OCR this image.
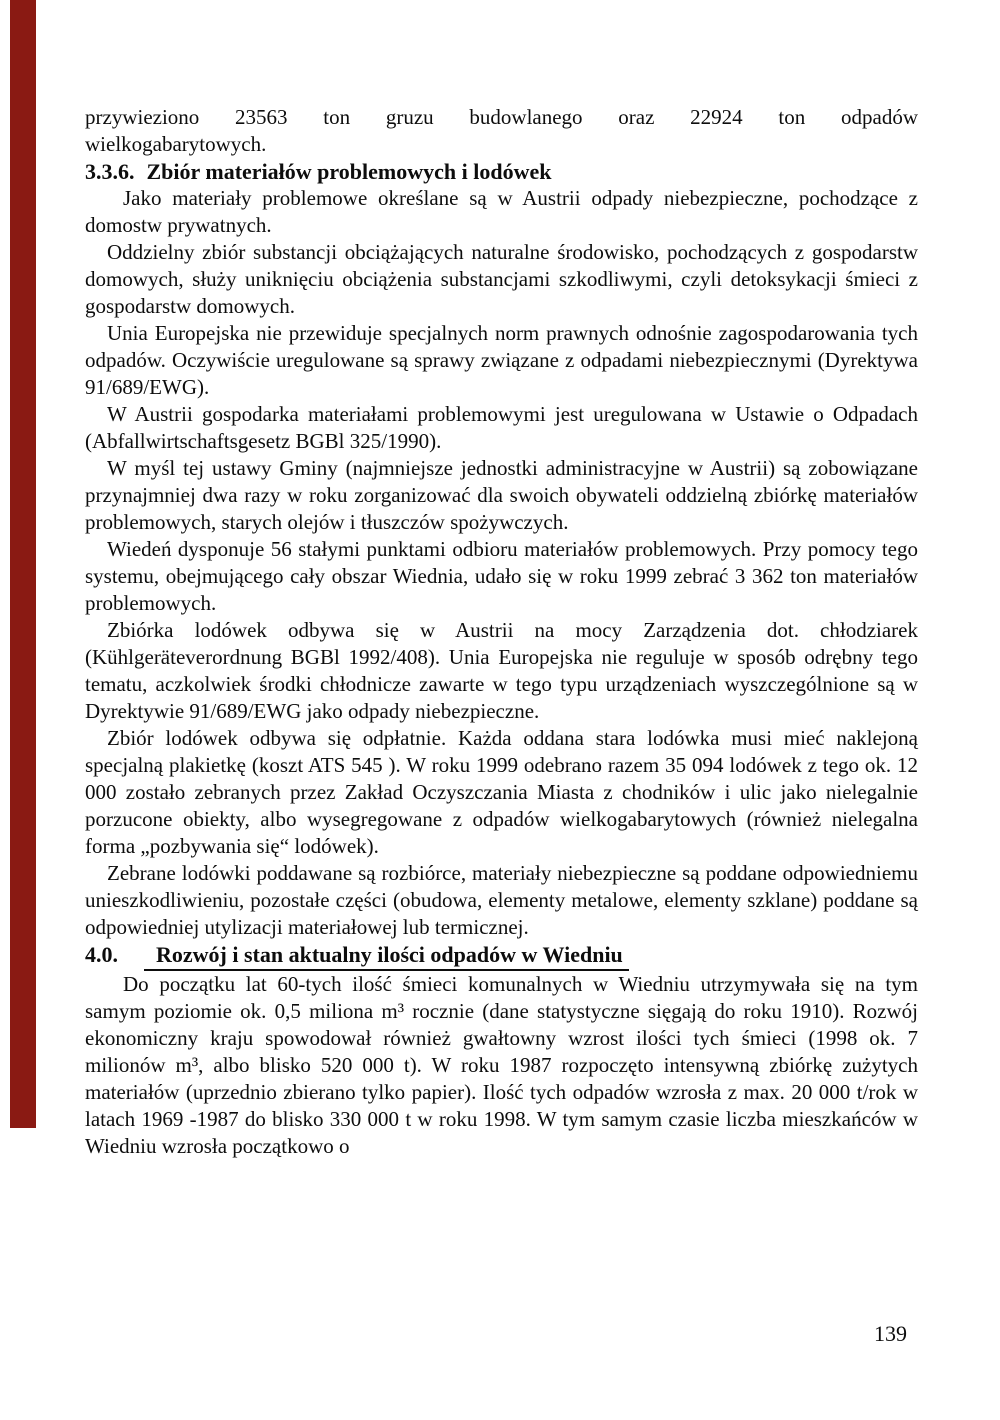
przywieziono 23563 ton gruzu budowlanego oraz 22924 ton odpadów
wielkogabarytowych.

3.3.6. Zbiór materiałów problemowych i lodówek

Jako materiały problemowe określane są w Austrii odpady niebezpieczne, pochodzące z domostw prywatnych.

Oddzielny zbiór substancji obciążających naturalne środowisko, pochodzących z gospodarstw domowych, służy uniknięciu obciążenia substancjami szkodliwymi, czyli detoksykacji śmieci z gospodarstw domowych.

Unia Europejska nie przewiduje specjalnych norm prawnych odnośnie zagospodarowania tych odpadów. Oczywiście uregulowane są sprawy związane z odpadami niebezpiecznymi (Dyrektywa 91/689/EWG).

W Austrii gospodarka materiałami problemowymi jest uregulowana w Ustawie o Odpadach (Abfallwirtschaftsgesetz BGBl 325/1990).

W myśl tej ustawy Gminy (najmniejsze jednostki administracyjne w Austrii) są zobowiązane przynajmniej dwa razy w roku zorganizować dla swoich obywateli oddzielną zbiórkę materiałów problemowych, starych olejów i tłuszczów spożywczych.

Wiedeń dysponuje 56 stałymi punktami odbioru materiałów problemowych. Przy pomocy tego systemu, obejmującego cały obszar Wiednia, udało się w roku 1999 zebrać 3 362 ton materiałów problemowych.

Zbiórka lodówek odbywa się w Austrii na mocy Zarządzenia dot. chłodziarek (Kühlgeräteverordnung BGBl 1992/408). Unia Europejska nie reguluje w sposób odrębny tego tematu, aczkolwiek środki chłodnicze zawarte w tego typu urządzeniach wyszczególnione są w Dyrektywie 91/689/EWG jako odpady niebezpieczne.

Zbiór lodówek odbywa się odpłatnie. Każda oddana stara lodówka musi mieć naklejoną specjalną plakietkę (koszt ATS 545 ). W roku 1999 odebrano razem 35 094 lodówek z tego ok. 12 000 zostało zebranych przez Zakład Oczyszczania Miasta z chodników i ulic jako nielegalnie porzucone obiekty, albo wysegregowane z odpadów wielkogabarytowych (również nielegalna forma „pozbywania się“ lodówek).

Zebrane lodówki poddawane są rozbiórce, materiały niebezpieczne są poddane odpowiedniemu unieszkodliwieniu, pozostałe części (obudowa, elementy metalowe, elementy szklane) poddane są odpowiedniej utylizacji materiałowej lub termicznej.

4.0. Rozwój i stan aktualny ilości odpadów w Wiedniu

Do początku lat 60-tych ilość śmieci komunalnych w Wiedniu utrzymywała się na tym samym poziomie ok. 0,5 miliona m³ rocznie (dane statystyczne sięgają do roku 1910). Rozwój ekonomiczny kraju spowodował również gwałtowny wzrost ilości tych śmieci (1998 ok. 7 milionów m³, albo blisko 520 000 t). W roku 1987 rozpoczęto intensywną zbiórkę zużytych materiałów (uprzednio zbierano tylko papier). Ilość tych odpadów wzrosła z max. 20 000 t/rok w latach 1969 -1987 do blisko 330 000 t w roku 1998. W tym samym czasie liczba mieszkańców w Wiedniu wzrosła początkowo o

139
